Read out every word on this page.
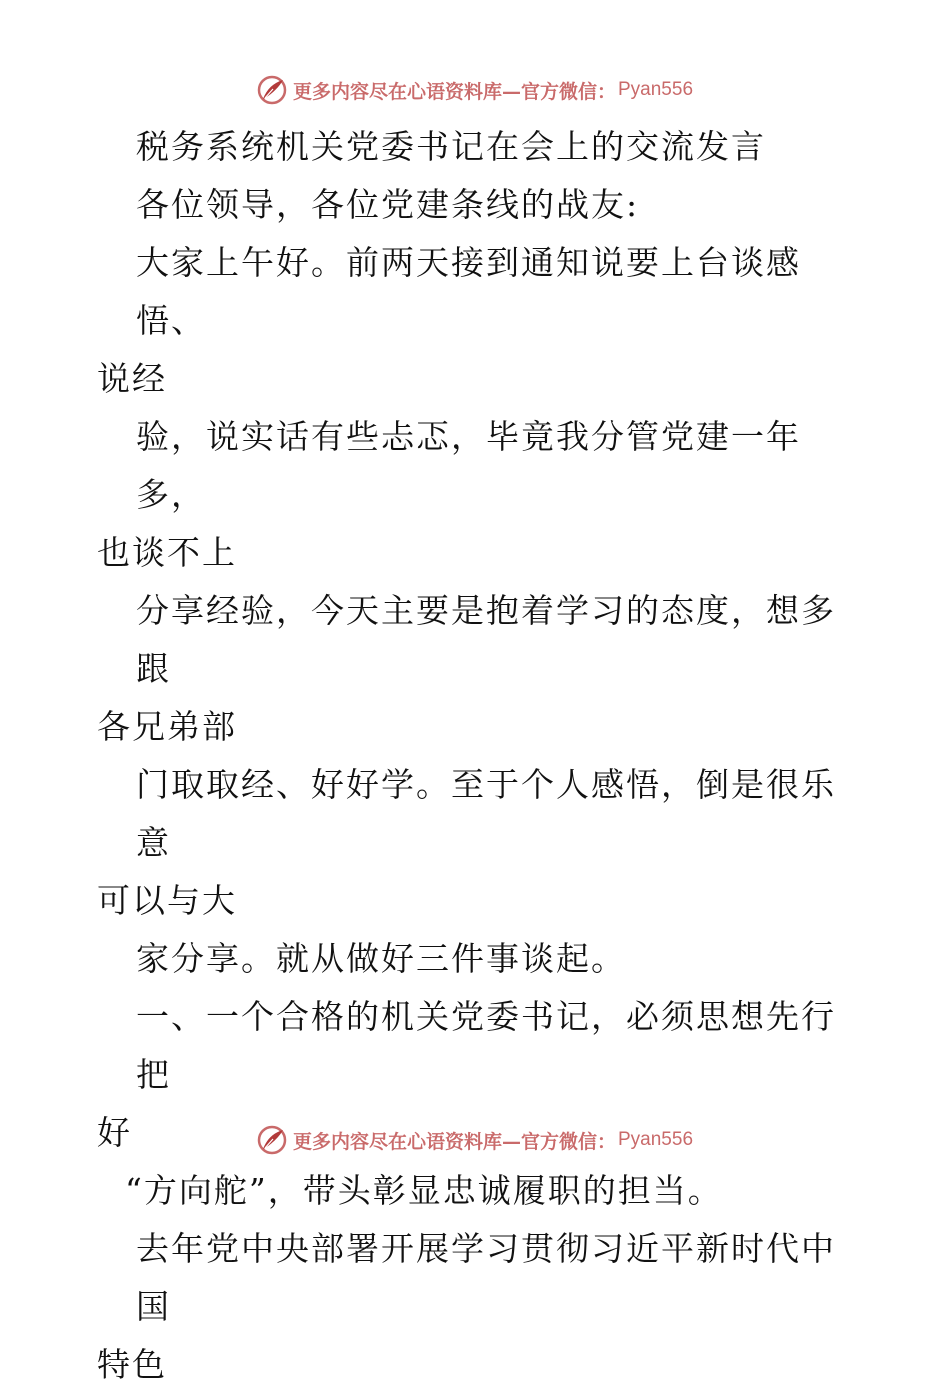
更多内容尽在心语资料库—官方微信： Pyan556

税务系统机关党委书记在会上的交流发言

各位领导，各位党建条线的战友:

大家上午好。前两天接到通知说要上台谈感悟、
说经

验，说实话有些忐忑，毕竟我分管党建一年多，
也谈不上

分享经验，今天主要是抱着学习的态度，想多跟
各兄弟部

门取取经、好好学。至于个人感悟，倒是很乐意
可以与大

家分享。就从做好三件事谈起。

一、一个合格的机关党委书记，必须思想先行把
好

“方向舵”，带头彰显忠诚履职的担当。

去年党中央部署开展学习贯彻习近平新时代中国
特色

更多内容尽在心语资料库—官方微信： Pyan556
